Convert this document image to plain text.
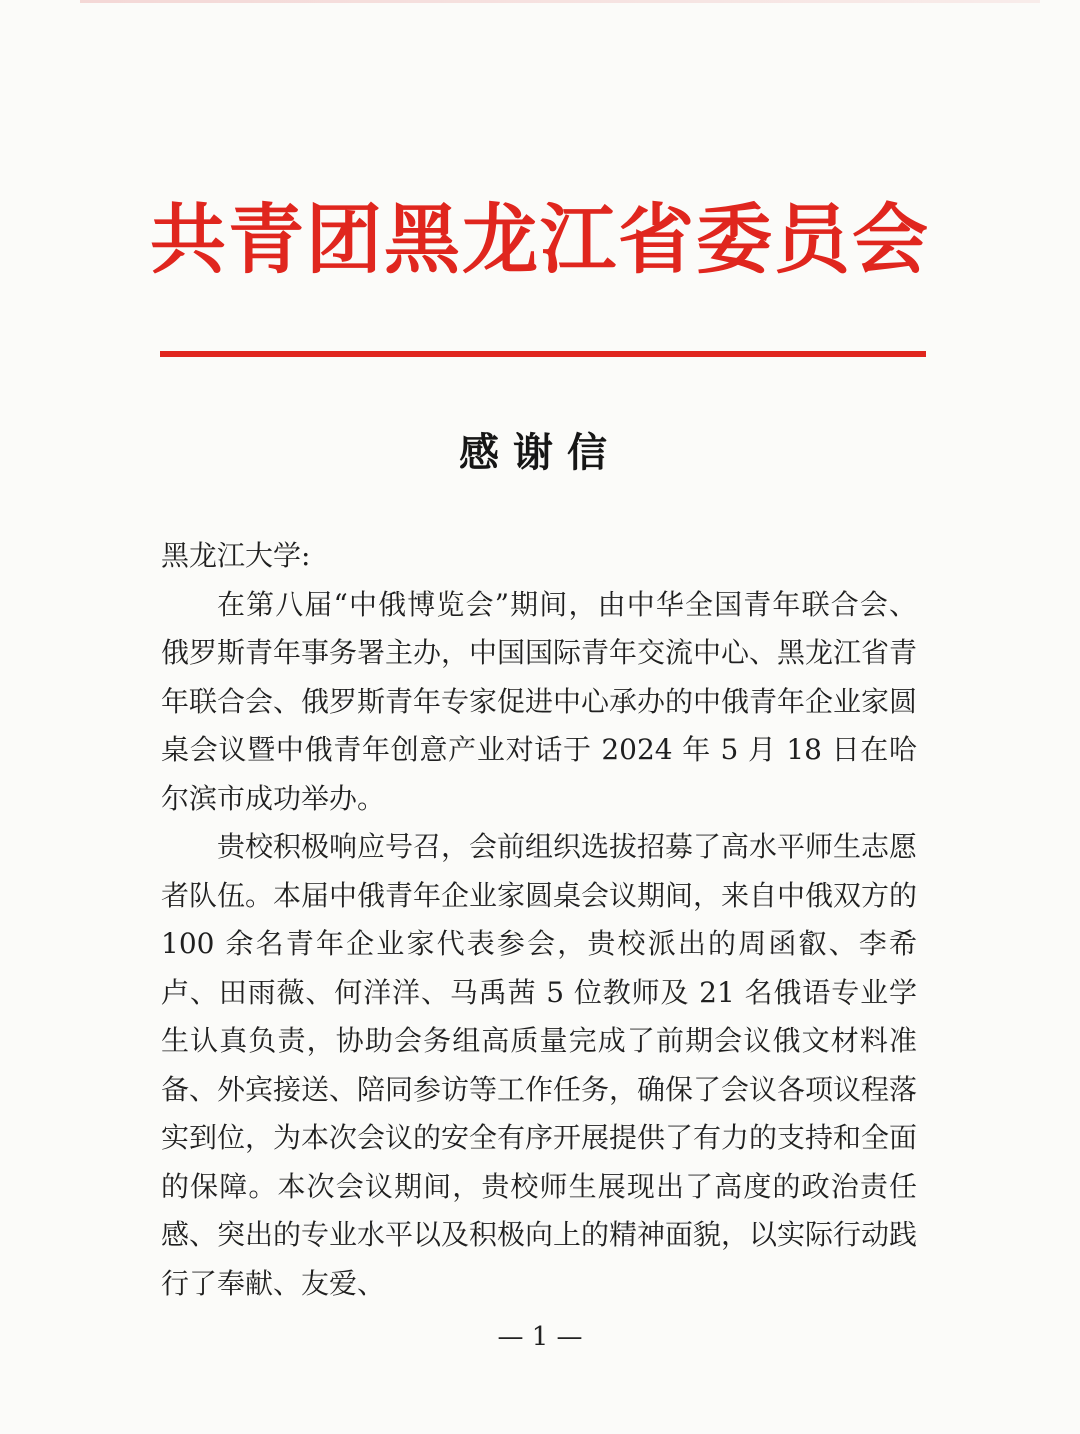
共青团黑龙江省委员会
感谢信

黑龙江大学:

在第八届“中俄博览会”期间，由中华全国青年联合会、俄罗斯青年事务署主办，中国国际青年交流中心、黑龙江省青年联合会、俄罗斯青年专家促进中心承办的中俄青年企业家圆桌会议暨中俄青年创意产业对话于 2024 年 5 月 18 日在哈尔滨市成功举办。

贵校积极响应号召，会前组织选拔招募了高水平师生志愿者队伍。本届中俄青年企业家圆桌会议期间，来自中俄双方的100 余名青年企业家代表参会，贵校派出的周函叡、李希卢、田雨薇、何洋洋、马禹茜 5 位教师及 21 名俄语专业学生认真负责，协助会务组高质量完成了前期会议俄文材料准备、外宾接送、陪同参访等工作任务，确保了会议各项议程落实到位，为本次会议的安全有序开展提供了有力的支持和全面的保障。本次会议期间，贵校师生展现出了高度的政治责任感、突出的专业水平以及积极向上的精神面貌，以实际行动践行了奉献、友爱、

— 1 —
